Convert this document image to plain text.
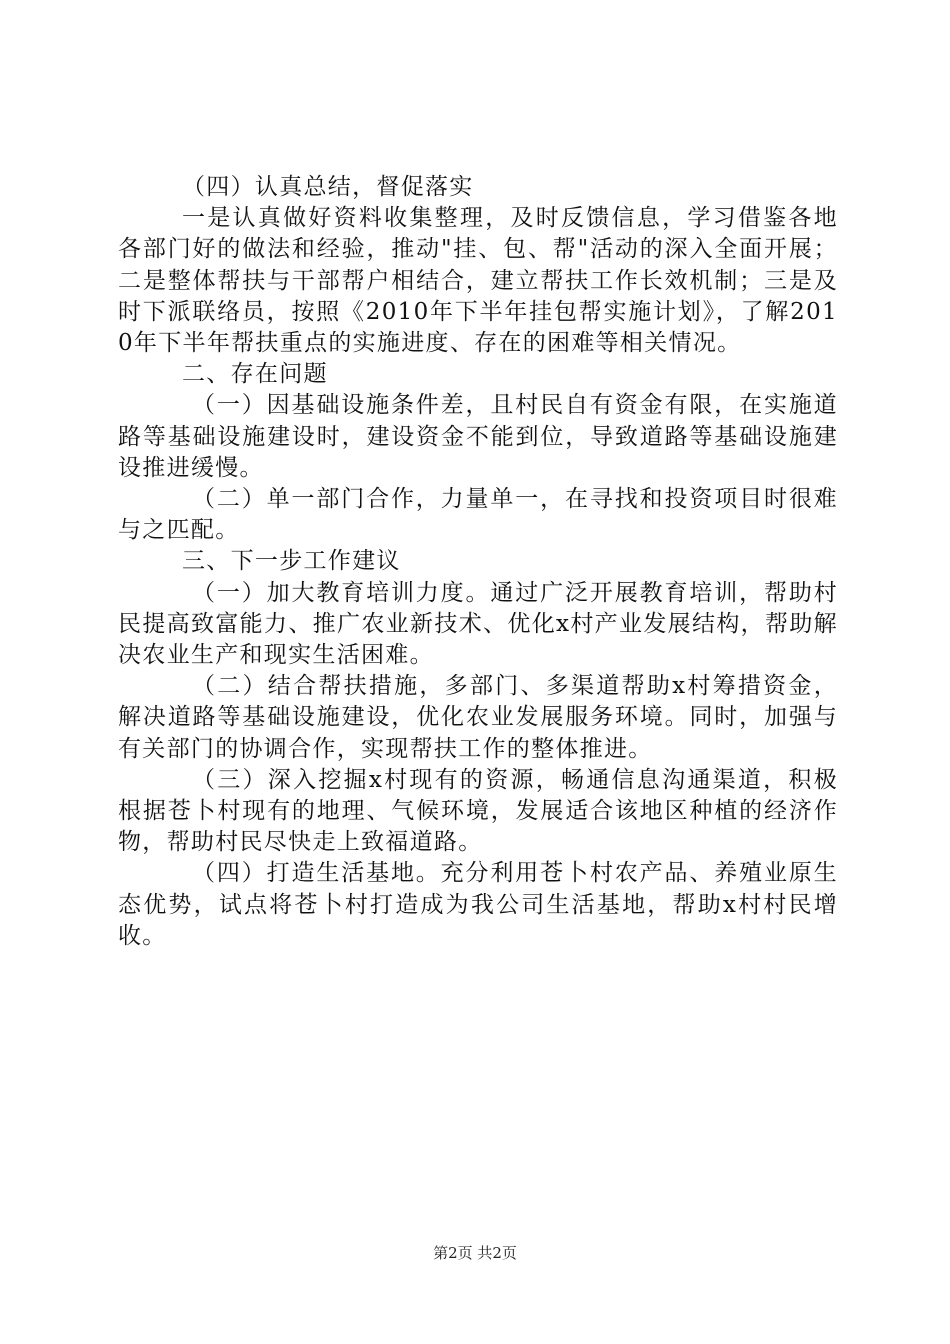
（四）认真总结，督促落实

一是认真做好资料收集整理，及时反馈信息，学习借鉴各地各部门好的做法和经验，推动"挂、包、帮"活动的深入全面开展；二是整体帮扶与干部帮户相结合，建立帮扶工作长效机制；三是及时下派联络员，按照《2010年下半年挂包帮实施计划》，了解2010年下半年帮扶重点的实施进度、存在的困难等相关情况。

二、存在问题

（一）因基础设施条件差，且村民自有资金有限，在实施道路等基础设施建设时，建设资金不能到位，导致道路等基础设施建设推进缓慢。

（二）单一部门合作，力量单一，在寻找和投资项目时很难与之匹配。

三、下一步工作建议

（一）加大教育培训力度。通过广泛开展教育培训，帮助村民提高致富能力、推广农业新技术、优化x村产业发展结构，帮助解决农业生产和现实生活困难。

（二）结合帮扶措施，多部门、多渠道帮助x村筹措资金，解决道路等基础设施建设，优化农业发展服务环境。同时，加强与有关部门的协调合作，实现帮扶工作的整体推进。

（三）深入挖掘x村现有的资源，畅通信息沟通渠道，积极根据苍卜村现有的地理、气候环境，发展适合该地区种植的经济作物，帮助村民尽快走上致福道路。

（四）打造生活基地。充分利用苍卜村农产品、养殖业原生态优势，试点将苍卜村打造成为我公司生活基地，帮助x村村民增收。

第2页 共2页
